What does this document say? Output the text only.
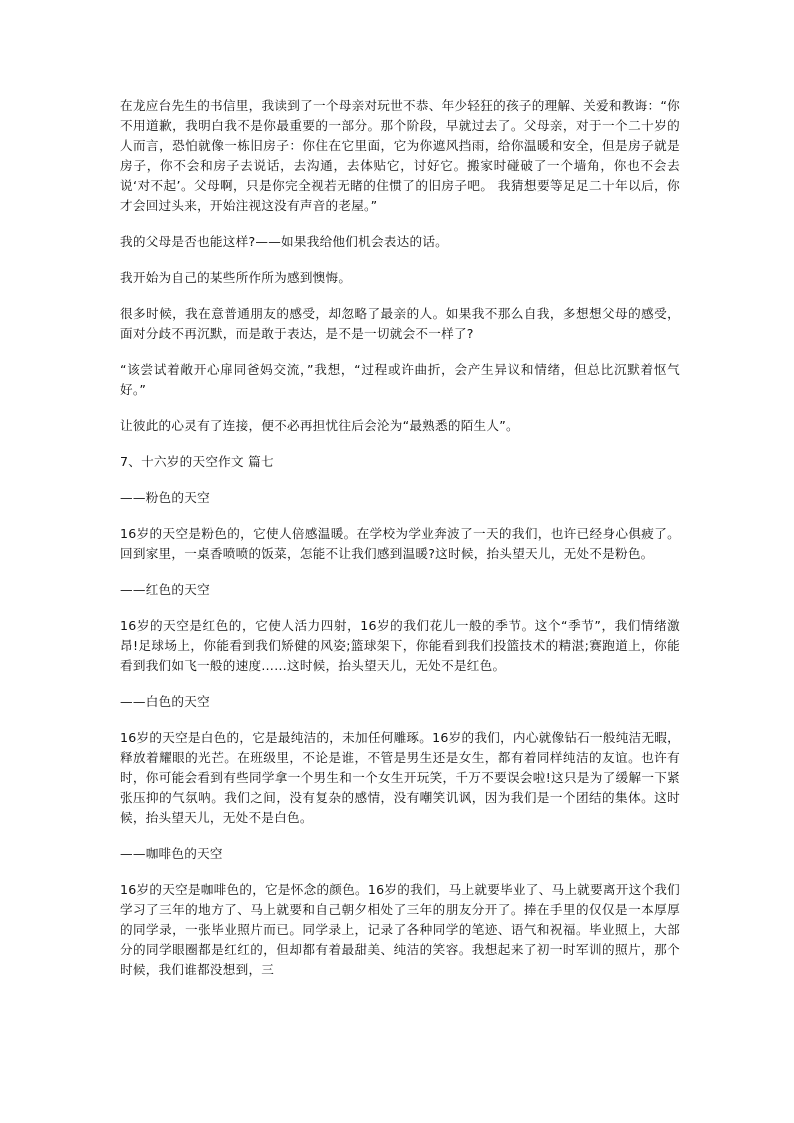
在龙应台先生的书信里，我读到了一个母亲对玩世不恭、年少轻狂的孩子的理解、关爱和教诲：“你不用道歉，我明白我不是你最重要的一部分。那个阶段，早就过去了。父母亲，对于一个二十岁的人而言，恐怕就像一栋旧房子：你住在它里面，它为你遮风挡雨，给你温暖和安全，但是房子就是房子，你不会和房子去说话，去沟通，去体贴它，讨好它。搬家时碰破了一个墙角，你也不会去说‘对不起’。父母啊，只是你完全视若无睹的住惯了的旧房子吧。 我猜想要等足足二十年以后，你才会回过头来，开始注视这没有声音的老屋。”

我的父母是否也能这样?——如果我给他们机会表达的话。

我开始为自己的某些所作所为感到懊悔。

很多时候，我在意普通朋友的感受，却忽略了最亲的人。如果我不那么自我，多想想父母的感受，面对分歧不再沉默，而是敢于表达，是不是一切就会不一样了?

“该尝试着敞开心扉同爸妈交流，”我想，“过程或许曲折，会产生异议和情绪，但总比沉默着怄气好。”

让彼此的心灵有了连接，便不必再担忧往后会沦为“最熟悉的陌生人”。

7、十六岁的天空作文 篇七

——粉色的天空

16岁的天空是粉色的，它使人倍感温暖。在学校为学业奔波了一天的我们，也许已经身心俱疲了。回到家里，一桌香喷喷的饭菜，怎能不让我们感到温暖?这时候，抬头望天儿，无处不是粉色。

——红色的天空

16岁的天空是红色的，它使人活力四射，16岁的我们花儿一般的季节。这个“季节”，我们情绪激昂!足球场上，你能看到我们矫健的风姿;篮球架下，你能看到我们投篮技术的精湛;赛跑道上，你能看到我们如飞一般的速度……这时候，抬头望天儿，无处不是红色。

——白色的天空

16岁的天空是白色的，它是最纯洁的，未加任何雕琢。16岁的我们，内心就像钻石一般纯洁无暇，释放着耀眼的光芒。在班级里，不论是谁，不管是男生还是女生，都有着同样纯洁的友谊。也许有时，你可能会看到有些同学拿一个男生和一个女生开玩笑，千万不要误会啦!这只是为了缓解一下紧张压抑的气氛呐。我们之间，没有复杂的感情，没有嘲笑讥讽，因为我们是一个团结的集体。这时候，抬头望天儿，无处不是白色。

——咖啡色的天空

16岁的天空是咖啡色的，它是怀念的颜色。16岁的我们，马上就要毕业了、马上就要离开这个我们学习了三年的地方了、马上就要和自己朝夕相处了三年的朋友分开了。捧在手里的仅仅是一本厚厚的同学录，一张毕业照片而已。同学录上，记录了各种同学的笔迹、语气和祝福。毕业照上，大部分的同学眼圈都是红红的，但却都有着最甜美、纯洁的笑容。我想起来了初一时军训的照片，那个时候，我们谁都没想到，三
